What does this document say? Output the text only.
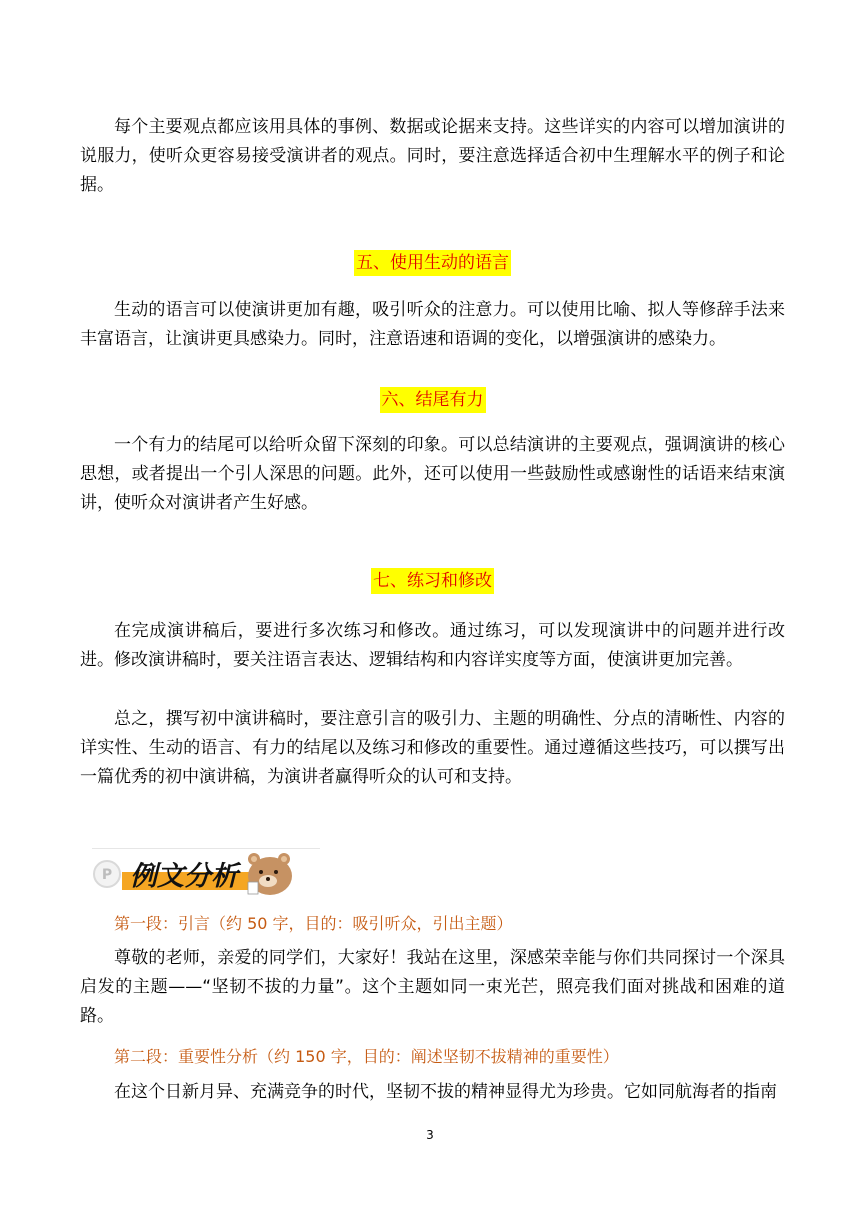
每个主要观点都应该用具体的事例、数据或论据来支持。这些详实的内容可以增加演讲的说服力，使听众更容易接受演讲者的观点。同时，要注意选择适合初中生理解水平的例子和论据。

五、使用生动的语言

生动的语言可以使演讲更加有趣，吸引听众的注意力。可以使用比喻、拟人等修辞手法来丰富语言，让演讲更具感染力。同时，注意语速和语调的变化，以增强演讲的感染力。

六、结尾有力

一个有力的结尾可以给听众留下深刻的印象。可以总结演讲的主要观点，强调演讲的核心思想，或者提出一个引人深思的问题。此外，还可以使用一些鼓励性或感谢性的话语来结束演讲，使听众对演讲者产生好感。

七、练习和修改

在完成演讲稿后，要进行多次练习和修改。通过练习，可以发现演讲中的问题并进行改进。修改演讲稿时，要关注语言表达、逻辑结构和内容详实度等方面，使演讲更加完善。

总之，撰写初中演讲稿时，要注意引言的吸引力、主题的明确性、分点的清晰性、内容的详实性、生动的语言、有力的结尾以及练习和修改的重要性。通过遵循这些技巧，可以撰写出一篇优秀的初中演讲稿，为演讲者赢得听众的认可和支持。

P 例文分析
第一段：引言（约 50 字，目的：吸引听众，引出主题）

尊敬的老师，亲爱的同学们，大家好！我站在这里，深感荣幸能与你们共同探讨一个深具启发的主题——“坚韧不拔的力量”。这个主题如同一束光芒，照亮我们面对挑战和困难的道路。

第二段：重要性分析（约 150 字，目的：阐述坚韧不拔精神的重要性）

在这个日新月异、充满竞争的时代，坚韧不拔的精神显得尤为珍贵。它如同航海者的指南

3
